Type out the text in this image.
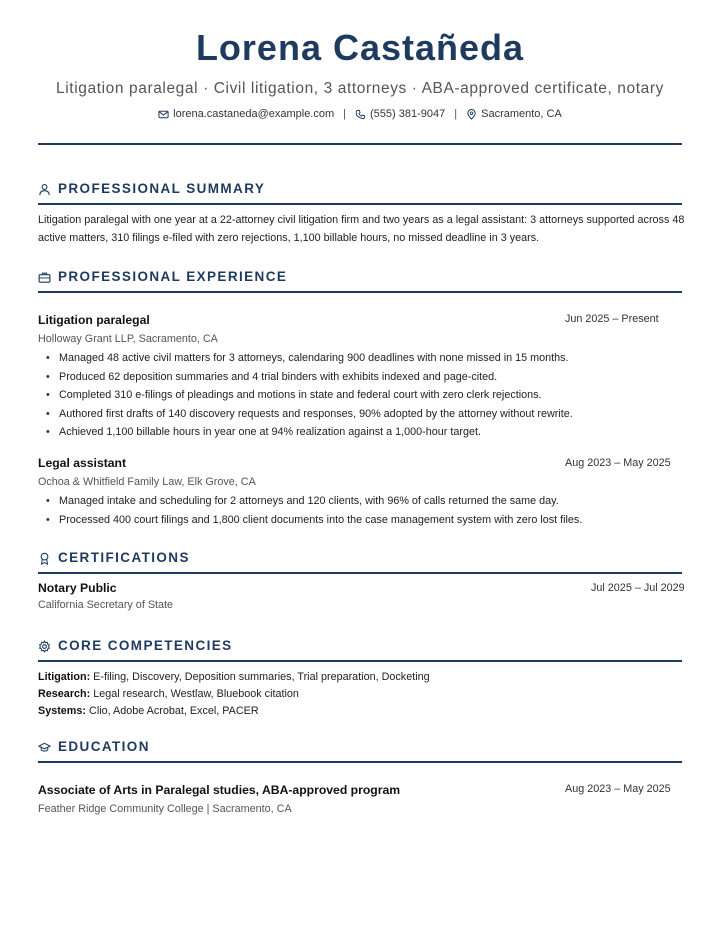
Lorena Castañeda
Litigation paralegal · Civil litigation, 3 attorneys · ABA-approved certificate, notary
lorena.castaneda@example.com | (555) 381-9047 | Sacramento, CA
PROFESSIONAL SUMMARY
Litigation paralegal with one year at a 22-attorney civil litigation firm and two years as a legal assistant: 3 attorneys supported across 48 active matters, 310 filings e-filed with zero rejections, 1,100 billable hours, no missed deadline in 3 years.
PROFESSIONAL EXPERIENCE
Litigation paralegal	Jun 2025 – Present
Holloway Grant LLP, Sacramento, CA
• Managed 48 active civil matters for 3 attorneys, calendaring 900 deadlines with none missed in 15 months.
• Produced 62 deposition summaries and 4 trial binders with exhibits indexed and page-cited.
• Completed 310 e-filings of pleadings and motions in state and federal court with zero clerk rejections.
• Authored first drafts of 140 discovery requests and responses, 90% adopted by the attorney without rewrite.
• Achieved 1,100 billable hours in year one at 94% realization against a 1,000-hour target.
Legal assistant	Aug 2023 – May 2025
Ochoa & Whitfield Family Law, Elk Grove, CA
• Managed intake and scheduling for 2 attorneys and 120 clients, with 96% of calls returned the same day.
• Processed 400 court filings and 1,800 client documents into the case management system with zero lost files.
CERTIFICATIONS
Notary Public	Jul 2025 – Jul 2029
California Secretary of State
CORE COMPETENCIES
Litigation: E-filing, Discovery, Deposition summaries, Trial preparation, Docketing
Research: Legal research, Westlaw, Bluebook citation
Systems: Clio, Adobe Acrobat, Excel, PACER
EDUCATION
Associate of Arts in Paralegal studies, ABA-approved program	Aug 2023 – May 2025
Feather Ridge Community College | Sacramento, CA
